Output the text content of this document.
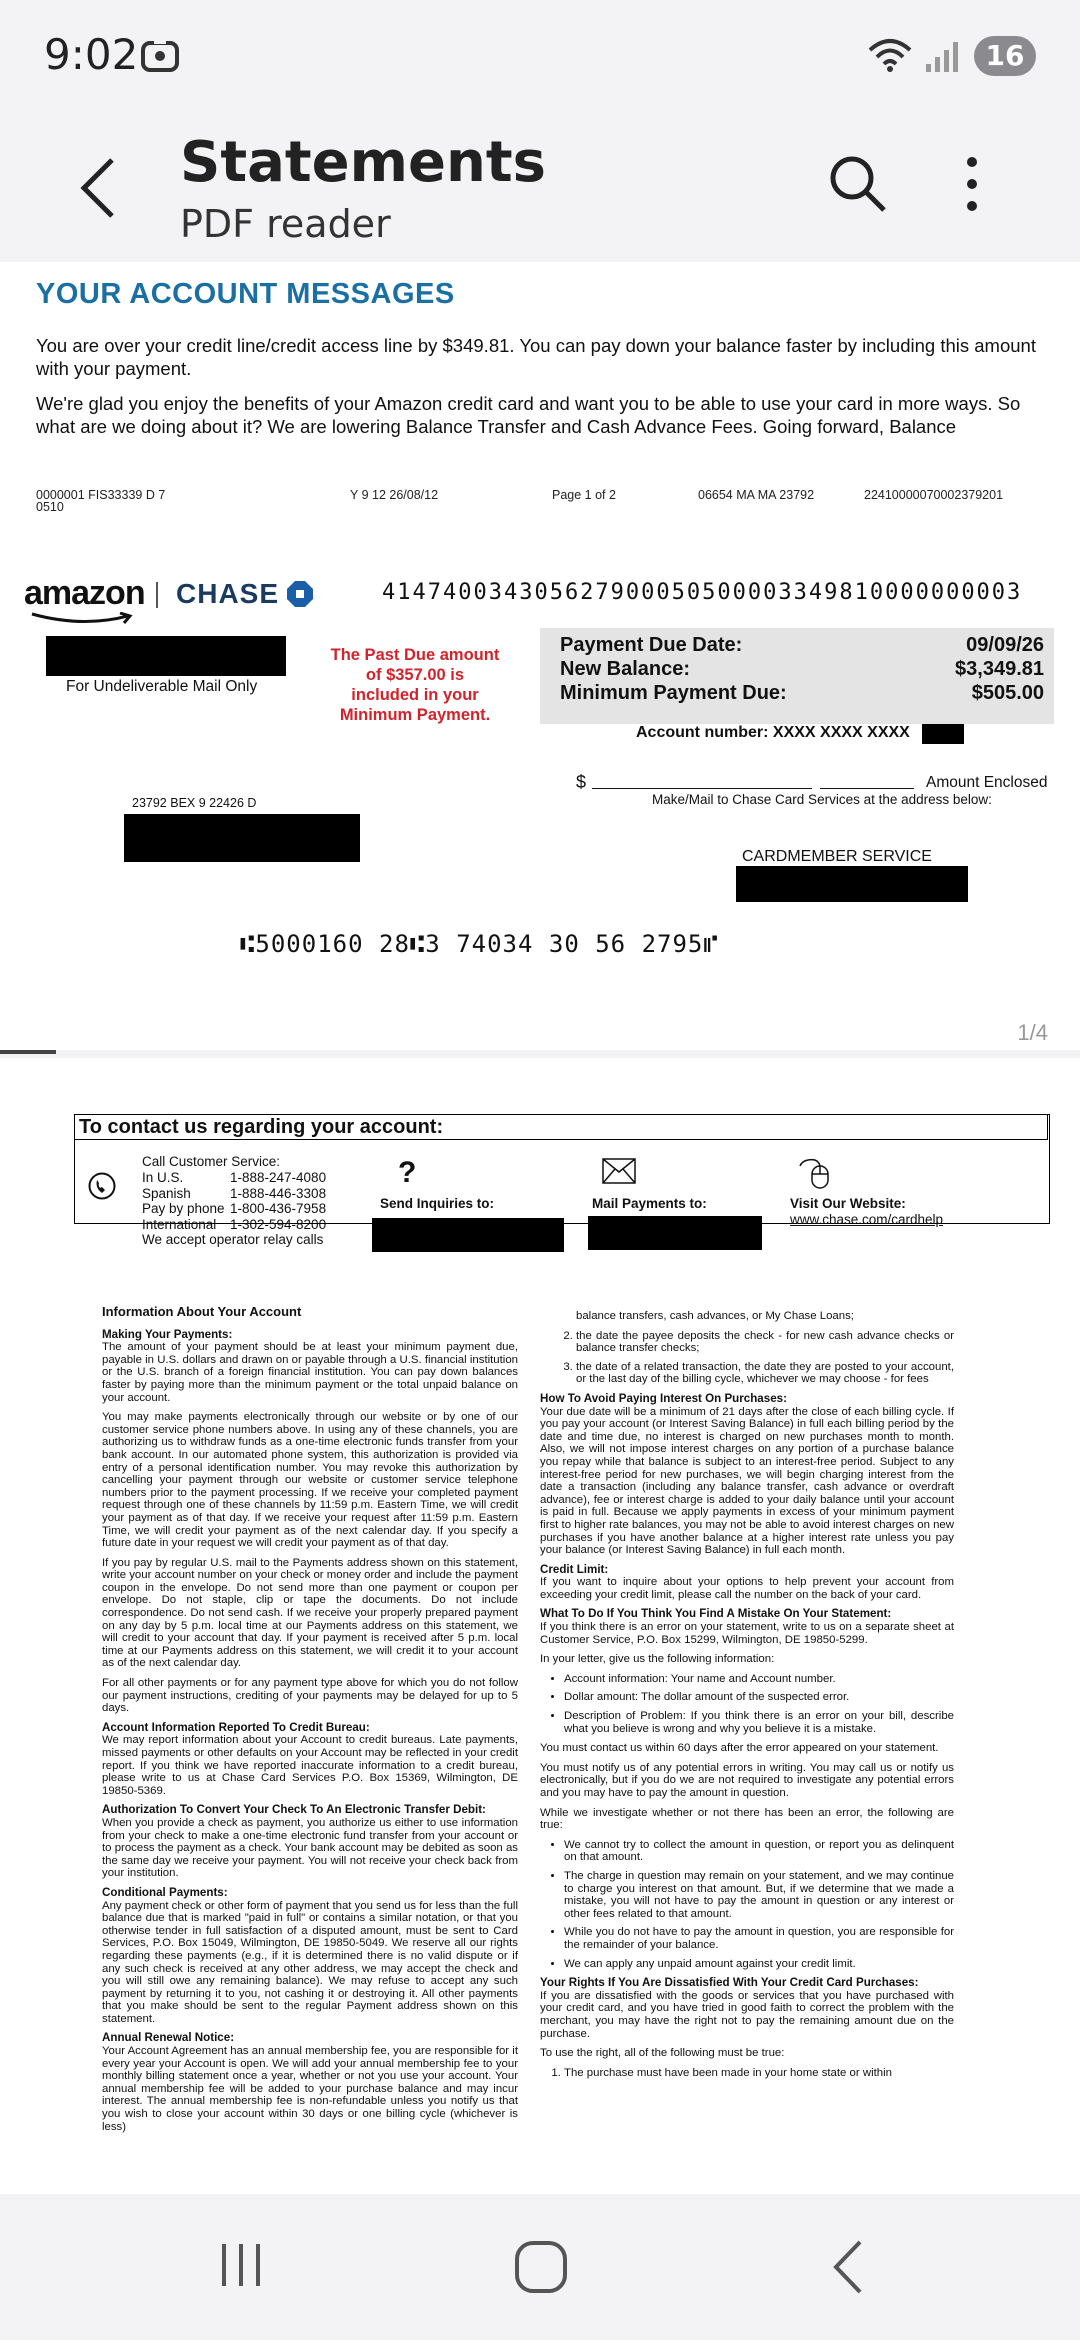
9:02	16
Statements
PDF reader
YOUR ACCOUNT MESSAGES
You are over your credit line/credit access line by $349.81. You can pay down your balance faster by including this amount with your payment.
We're glad you enjoy the benefits of your Amazon credit card and want you to be able to use your card in more ways. So what are we doing about it? We are lowering Balance Transfer and Cash Advance Fees. Going forward, Balance
0000001 FIS33339 D 7
0510
Y 9 12 26/08/12	Page 1 of 2	06654 MA MA 23792	22410000070002379201
amazon CHASE	414740034305627900050500003349810000000003
For Undeliverable Mail Only
The Past Due amount of $357.00 is included in your Minimum Payment.
Payment Due Date:	09/09/26
New Balance:	$3,349.81
Minimum Payment Due:	$505.00
Account number: XXXX XXXX XXXX
$	Amount Enclosed
Make/Mail to Chase Card Services at the address below:
23792 BEX 9 22426 D
CARDMEMBER SERVICE
⑆5000160 28⑆3 74034 30 56 2795⑈
1/4
To contact us regarding your account:
Call Customer Service:
In U.S.	1-888-247-4080
Spanish	1-888-446-3308
Pay by phone 1-800-436-7958
International 1-302-594-8200
We accept operator relay calls
?
Send Inquiries to:	Mail Payments to:	Visit Our Website:
www.chase.com/cardhelp

Information About Your Account

Making Your Payments:

The amount of your payment should be at least your minimum payment due, payable in U.S. dollars and drawn on or payable through a U.S. financial institution or the U.S. branch of a foreign financial institution. You can pay down balances faster by paying more than the minimum payment or the total unpaid balance on your account.

You may make payments electronically through our website or by one of our customer service phone numbers above. In using any of these channels, you are authorizing us to withdraw funds as a one-time electronic funds transfer from your bank account. In our automated phone system, this authorization is provided via entry of a personal identification number. You may revoke this authorization by cancelling your payment through our website or customer service telephone numbers prior to the payment processing. If we receive your completed payment request through one of these channels by 11:59 p.m. Eastern Time, we will credit your payment as of that day. If we receive your request after 11:59 p.m. Eastern Time, we will credit your payment as of the next calendar day. If you specify a future date in your request we will credit your payment as of that day.

If you pay by regular U.S. mail to the Payments address shown on this statement, write your account number on your check or money order and include the payment coupon in the envelope. Do not send more than one payment or coupon per envelope. Do not staple, clip or tape the documents. Do not include correspondence. Do not send cash. If we receive your properly prepared payment on any day by 5 p.m. local time at our Payments address on this statement, we will credit to your account that day. If your payment is received after 5 p.m. local time at our Payments address on this statement, we will credit it to your account as of the next calendar day.

For all other payments or for any payment type above for which you do not follow our payment instructions, crediting of your payments may be delayed for up to 5 days.

Account Information Reported To Credit Bureau:

We may report information about your Account to credit bureaus. Late payments, missed payments or other defaults on your Account may be reflected in your credit report. If you think we have reported inaccurate information to a credit bureau, please write to us at Chase Card Services P.O. Box 15369, Wilmington, DE 19850-5369.

Authorization To Convert Your Check To An Electronic Transfer Debit:

When you provide a check as payment, you authorize us either to use information from your check to make a one-time electronic fund transfer from your account or to process the payment as a check. Your bank account may be debited as soon as the same day we receive your payment. You will not receive your check back from your institution.

Conditional Payments:

Any payment check or other form of payment that you send us for less than the full balance due that is marked "paid in full" or contains a similar notation, or that you otherwise tender in full satisfaction of a disputed amount, must be sent to Card Services, P.O. Box 15049, Wilmington, DE 19850-5049. We reserve all our rights regarding these payments (e.g., if it is determined there is no valid dispute or if any such check is received at any other address, we may accept the check and you will still owe any remaining balance). We may refuse to accept any such payment by returning it to you, not cashing it or destroying it. All other payments that you make should be sent to the regular Payment address shown on this statement.

Annual Renewal Notice:

Your Account Agreement has an annual membership fee, you are responsible for it every year your Account is open. We will add your annual membership fee to your monthly billing statement once a year, whether or not you use your account. Your annual membership fee will be added to your purchase balance and may incur interest. The annual membership fee is non-refundable unless you notify us that you wish to close your account within 30 days or one billing cycle (whichever is less)

balance transfers, cash advances, or My Chase Loans;

2. the date the payee deposits the check - for new cash advance checks or balance transfer checks;
3. the date of a related transaction, the date they are posted to your account, or the last day of the billing cycle, whichever we may choose - for fees
How To Avoid Paying Interest On Purchases:

Your due date will be a minimum of 21 days after the close of each billing cycle. If you pay your account (or Interest Saving Balance) in full each billing period by the date and time due, no interest is charged on new purchases month to month. Also, we will not impose interest charges on any portion of a purchase balance you repay while that balance is subject to an interest-free period. Subject to any interest-free period for new purchases, we will begin charging interest from the date a transaction (including any balance transfer, cash advance or overdraft advance), fee or interest charge is added to your daily balance until your account is paid in full. Because we apply payments in excess of your minimum payment first to higher rate balances, you may not be able to avoid interest charges on new purchases if you have another balance at a higher interest rate unless you pay your balance (or Interest Saving Balance) in full each month.

Credit Limit:

If you want to inquire about your options to help prevent your account from exceeding your credit limit, please call the number on the back of your card.

What To Do If You Think You Find A Mistake On Your Statement:

If you think there is an error on your statement, write to us on a separate sheet at Customer Service, P.O. Box 15299, Wilmington, DE 19850-5299.

In your letter, give us the following information:

• Account information: Your name and Account number.
• Dollar amount: The dollar amount of the suspected error.
• Description of Problem: If you think there is an error on your bill, describe what you believe is wrong and why you believe it is a mistake.

You must contact us within 60 days after the error appeared on your statement.

You must notify us of any potential errors in writing. You may call us or notify us electronically, but if you do we are not required to investigate any potential errors and you may have to pay the amount in question.

While we investigate whether or not there has been an error, the following are true:

• We cannot try to collect the amount in question, or report you as delinquent on that amount.
• The charge in question may remain on your statement, and we may continue to charge you interest on that amount. But, if we determine that we made a mistake, you will not have to pay the amount in question or any interest or other fees related to that amount.
• While you do not have to pay the amount in question, you are responsible for the remainder of your balance.
• We can apply any unpaid amount against your credit limit.
Your Rights If You Are Dissatisfied With Your Credit Card Purchases:

If you are dissatisfied with the goods or services that you have purchased with your credit card, and you have tried in good faith to correct the problem with the merchant, you may have the right not to pay the remaining amount due on the purchase.

To use the right, all of the following must be true:

1. The purchase must have been made in your home state or within
